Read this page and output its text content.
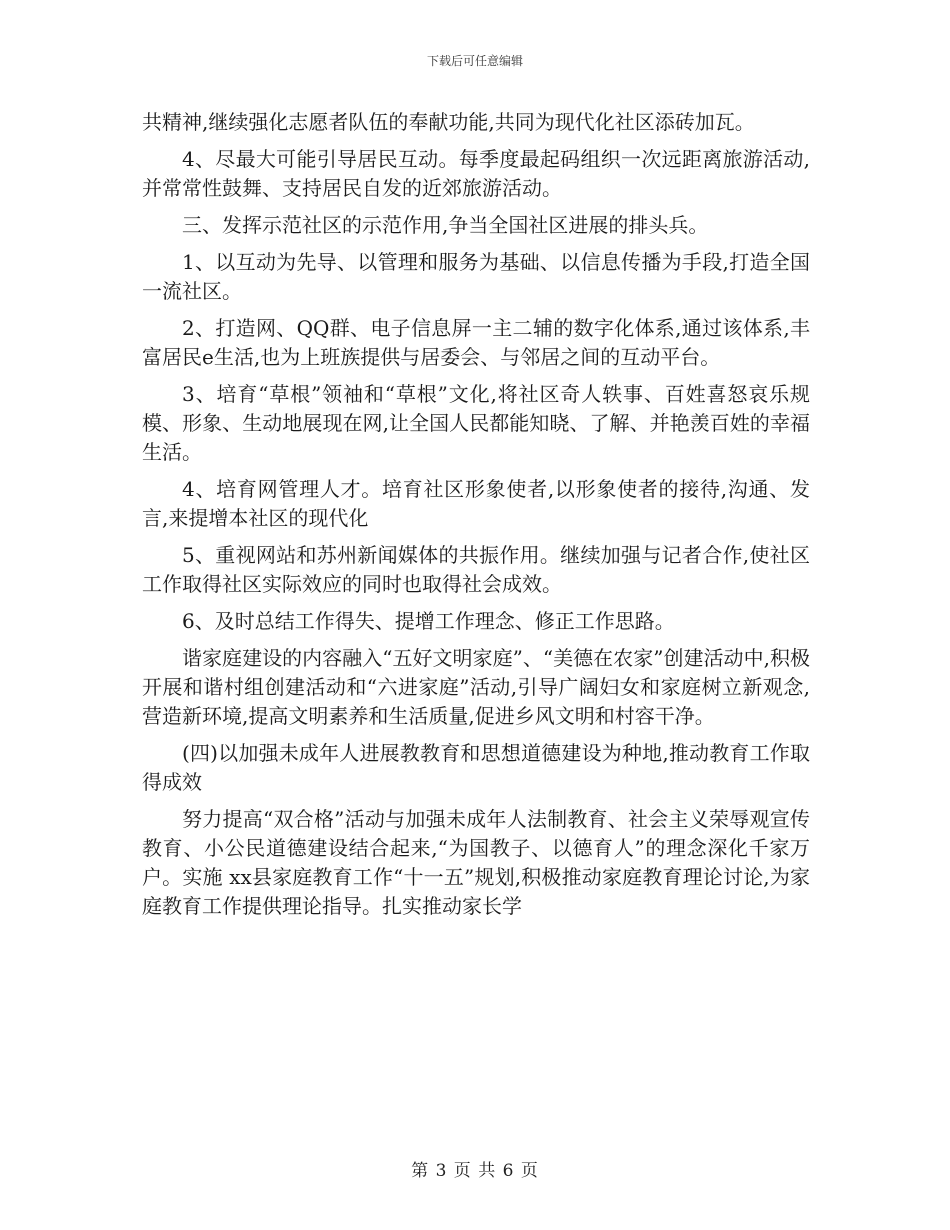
下载后可任意编辑

共精神,继续强化志愿者队伍的奉献功能,共同为现代化社区添砖加瓦。

4、尽最大可能引导居民互动。每季度最起码组织一次远距离旅游活动,并常常性鼓舞、支持居民自发的近郊旅游活动。

三、发挥示范社区的示范作用,争当全国社区进展的排头兵。

1、以互动为先导、以管理和服务为基础、以信息传播为手段,打造全国一流社区。

2、打造网、QQ群、电子信息屏一主二辅的数字化体系,通过该体系,丰富居民e生活,也为上班族提供与居委会、与邻居之间的互动平台。

3、培育“草根”领袖和“草根”文化,将社区奇人轶事、百姓喜怒哀乐规模、形象、生动地展现在网,让全国人民都能知晓、了解、并艳羡百姓的幸福生活。

4、培育网管理人才。培育社区形象使者,以形象使者的接待,沟通、发言,来提增本社区的现代化

5、重视网站和苏州新闻媒体的共振作用。继续加强与记者合作,使社区工作取得社区实际效应的同时也取得社会成效。

6、及时总结工作得失、提增工作理念、修正工作思路。

谐家庭建设的内容融入“五好文明家庭”、“美德在农家”创建活动中,积极开展和谐村组创建活动和“六进家庭”活动,引导广阔妇女和家庭树立新观念,营造新环境,提高文明素养和生活质量,促进乡风文明和村容干净。

(四)以加强未成年人进展教教育和思想道德建设为种地,推动教育工作取得成效

努力提高“双合格”活动与加强未成年人法制教育、社会主义荣辱观宣传教育、小公民道德建设结合起来,“为国教子、以德育人”的理念深化千家万户。实施 xx县家庭教育工作“十一五”规划,积极推动家庭教育理论讨论,为家庭教育工作提供理论指导。扎实推动家长学

第 3 页 共 6 页
